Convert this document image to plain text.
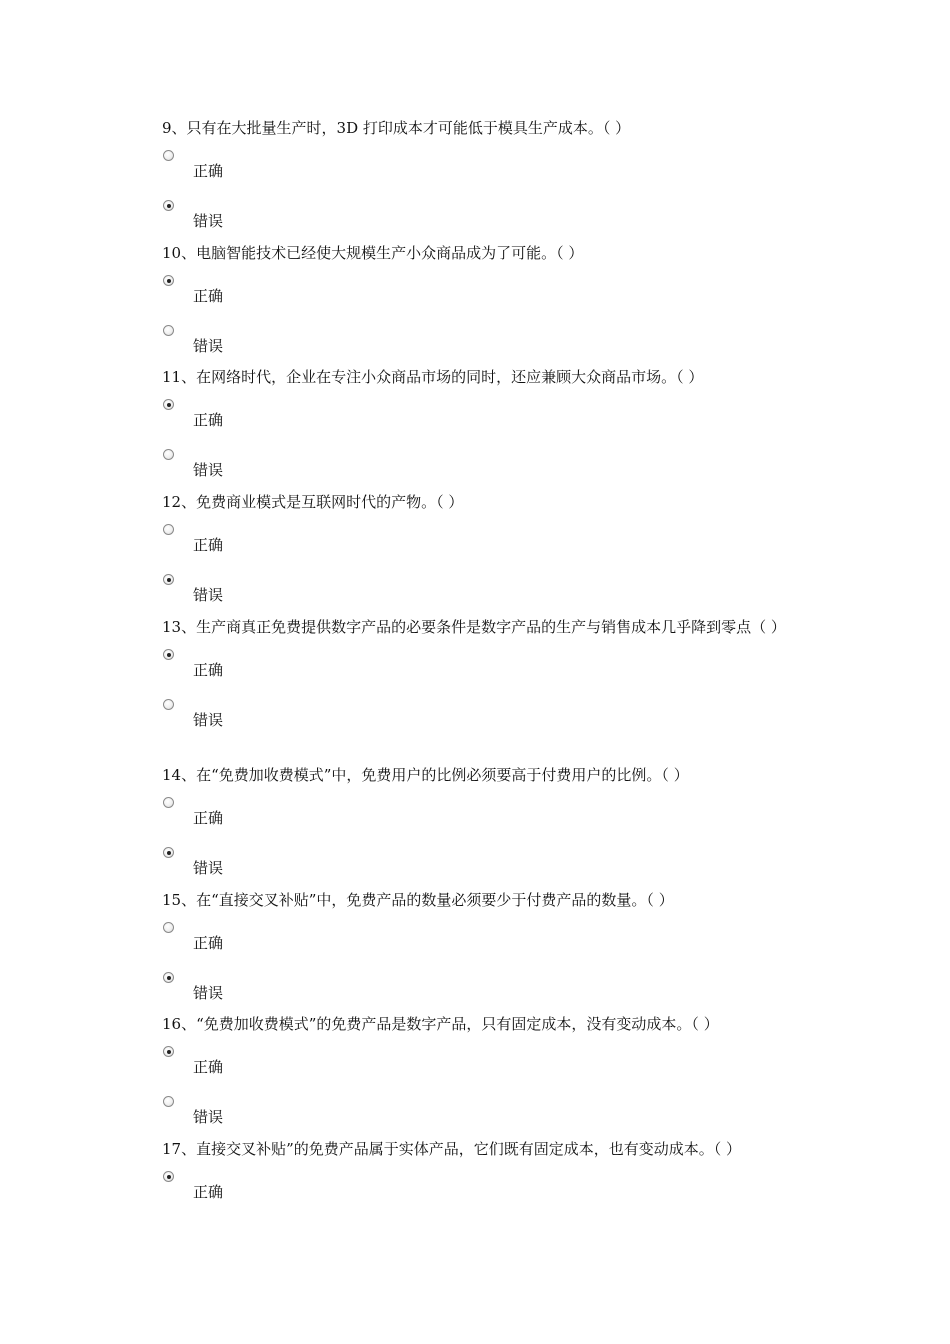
9、只有在大批量生产时，3D 打印成本才可能低于模具生产成本。（ ）
正确
错误
10、电脑智能技术已经使大规模生产小众商品成为了可能。（ ）
正确
错误
11、在网络时代，企业在专注小众商品市场的同时，还应兼顾大众商品市场。（ ）
正确
错误
12、免费商业模式是互联网时代的产物。（ ）
正确
错误
13、生产商真正免费提供数字产品的必要条件是数字产品的生产与销售成本几乎降到零点（ ）
正确
错误
14、在“免费加收费模式”中，免费用户的比例必须要高于付费用户的比例。（ ）
正确
错误
15、在“直接交叉补贴”中，免费产品的数量必须要少于付费产品的数量。（ ）
正确
错误
16、“免费加收费模式”的免费产品是数字产品，只有固定成本，没有变动成本。（ ）
正确
错误
17、直接交叉补贴”的免费产品属于实体产品，它们既有固定成本，也有变动成本。（ ）
正确
